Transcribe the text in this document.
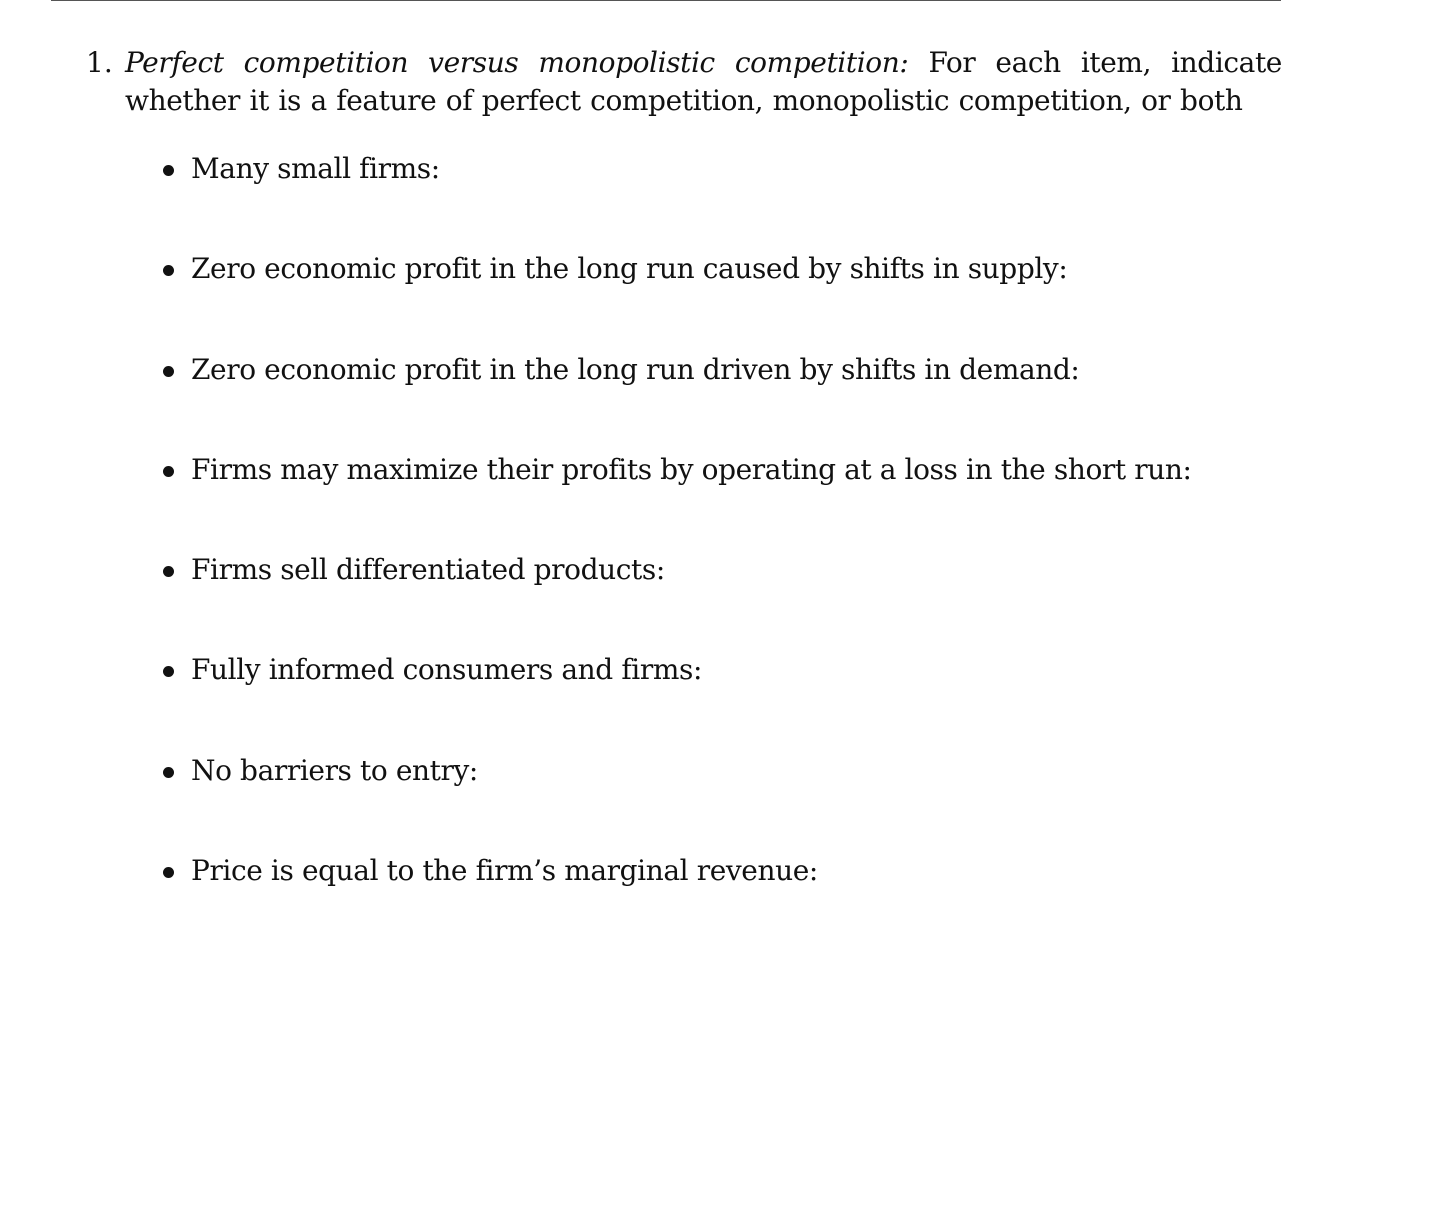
1. Perfect competition versus monopolistic competition: For each item, indicate whether it is a feature of perfect competition, monopolistic competition, or both
Many small firms:
Zero economic profit in the long run caused by shifts in supply:
Zero economic profit in the long run driven by shifts in demand:
Firms may maximize their profits by operating at a loss in the short run:
Firms sell differentiated products:
Fully informed consumers and firms:
No barriers to entry:
Price is equal to the firm’s marginal revenue:
